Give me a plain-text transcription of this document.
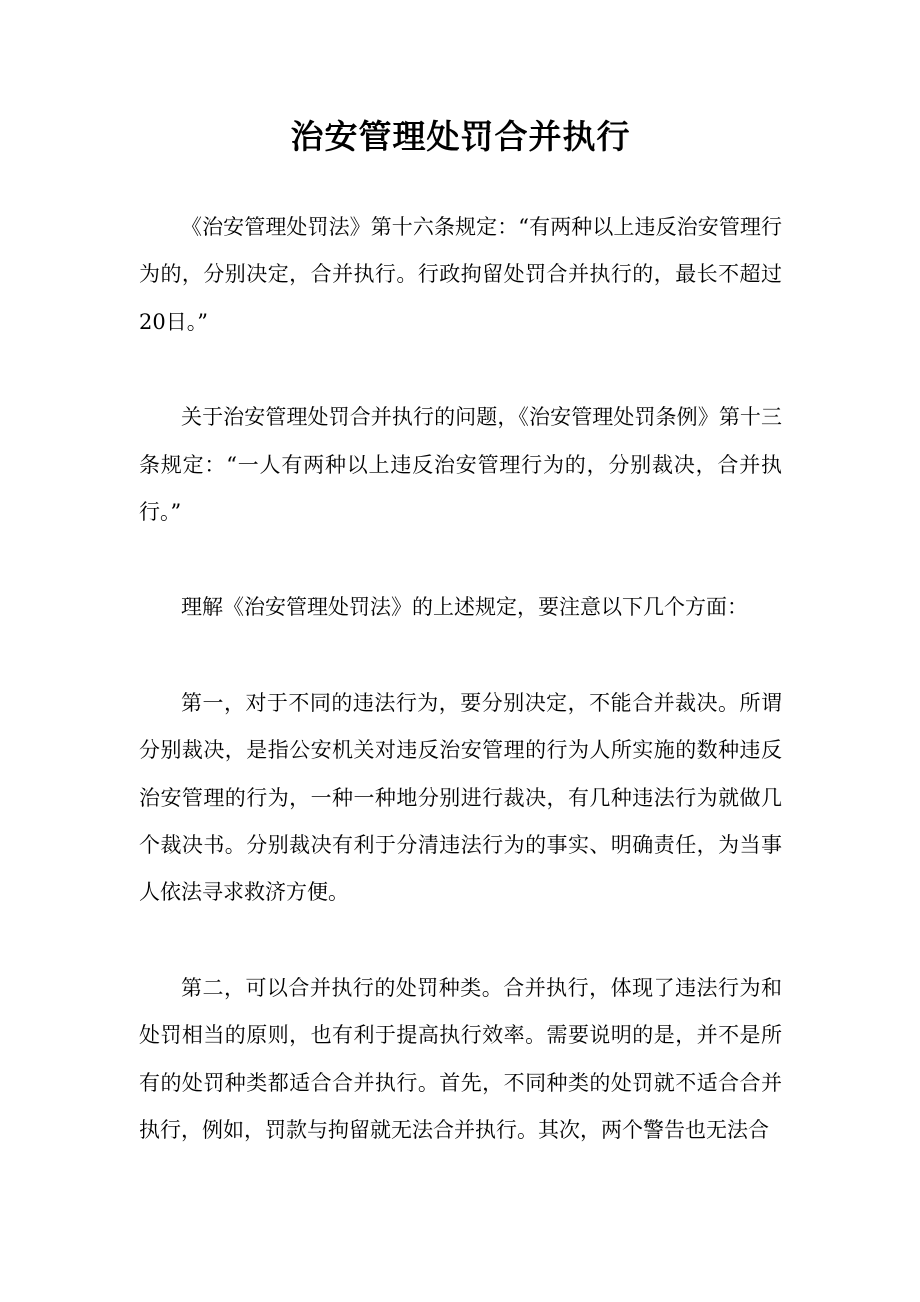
治安管理处罚合并执行

《治安管理处罚法》第十六条规定：“有两种以上违反治安管理行为的，分别决定，合并执行。行政拘留处罚合并执行的，最长不超过20日。”

关于治安管理处罚合并执行的问题，《治安管理处罚条例》第十三条规定：“一人有两种以上违反治安管理行为的，分别裁决，合并执行。”

理解《治安管理处罚法》的上述规定，要注意以下几个方面：

第一，对于不同的违法行为，要分别决定，不能合并裁决。所谓分别裁决，是指公安机关对违反治安管理的行为人所实施的数种违反治安管理的行为，一种一种地分别进行裁决，有几种违法行为就做几个裁决书。分别裁决有利于分清违法行为的事实、明确责任，为当事人依法寻求救济方便。

第二，可以合并执行的处罚种类。合并执行，体现了违法行为和处罚相当的原则，也有利于提高执行效率。需要说明的是，并不是所有的处罚种类都适合合并执行。首先，不同种类的处罚就不适合合并执行，例如，罚款与拘留就无法合并执行。其次，两个警告也无法合
